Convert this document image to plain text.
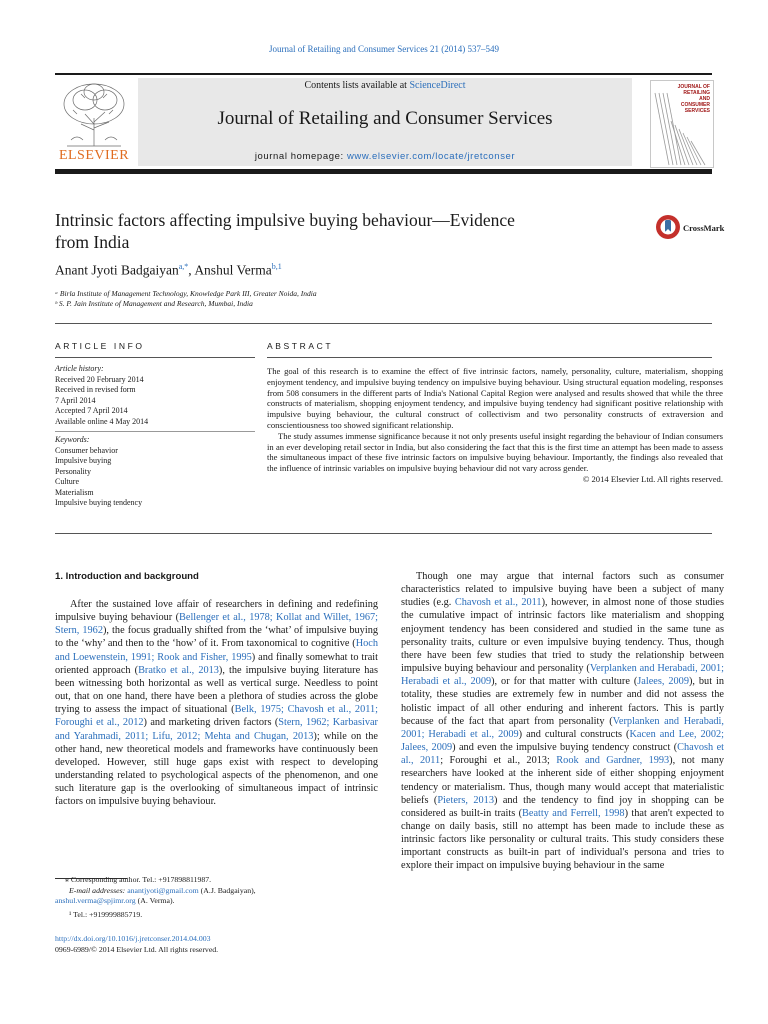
Journal of Retailing and Consumer Services 21 (2014) 537–549
ELSEVIER
Contents lists available at ScienceDirect
Journal of Retailing and Consumer Services
journal homepage: www.elsevier.com/locate/jretconser
JOURNAL OF
RETAILING
AND
CONSUMER
SERVICES
Intrinsic factors affecting impulsive buying behaviour—Evidence
from India
CrossMark
Anant Jyoti Badgaiyan$^{a,*}$, Anshul Verma$^{b,1}$
ᵃ Birla Institute of Management Technology, Knowledge Park III, Greater Noida, India
ᵇ S. P. Jain Institute of Management and Research, Mumbai, India
ARTICLE INFO	ABSTRACT
Article history:
Received 20 February 2014
Received in revised form
7 April 2014
Accepted 7 April 2014
Available online 4 May 2014
Keywords:
Consumer behavior
Impulsive buying
Personality
Culture
Materialism
Impulsive buying tendency

The goal of this research is to examine the effect of five intrinsic factors, namely, personality, culture, materialism, shopping enjoyment tendency, and impulsive buying tendency on impulsive buying behaviour. Using structural equation modeling, responses from 508 consumers in the different parts of India's National Capital Region were analysed and results showed that while the three constructs of materialism, shopping enjoyment tendency, and impulsive buying tendency had significant positive relationship with impulsive buying behaviour, the cultural construct of collectivism and two personality constructs of extraversion and conscientiousness too showed significant relationship.

The study assumes immense significance because it not only presents useful insight regarding the behaviour of Indian consumers in an ever developing retail sector in India, but also considering the fact that this is the first time an attempt has been made to assess the simultaneous impact of these five intrinsic factors on impulsive buying behaviour. Importantly, the findings also revealed that the influence of intrinsic variables on impulsive buying behaviour did not vary across gender.

© 2014 Elsevier Ltd. All rights reserved.

1. Introduction and background
After the sustained love affair of researchers in defining and redefining impulsive buying behaviour (Bellenger et al., 1978; Kollat and Willet, 1967; Stern, 1962), the focus gradually shifted from the ‘what’ of impulsive buying to the ‘why’ and then to the ‘how’ of it. From taxonomical to cognitive (Hoch and Loewenstein, 1991; Rook and Fisher, 1995) and finally somewhat to trait oriented approach (Bratko et al., 2013), the impulsive buying literature has been witnessing both horizontal as well as vertical surge. Needless to point out, that on one hand, there have been a plethora of studies across the globe trying to assess the impact of situational (Belk, 1975; Chavosh et al., 2011; Foroughi et al., 2012) and marketing driven factors (Stern, 1962; Karbasivar and Yarahmadi, 2011; Lifu, 2012; Mehta and Chugan, 2013); while on the other hand, new theoretical models and frameworks have continuously been developed. However, still huge gaps exist with respect to developing understanding related to psychological aspects of the phenomenon, and one such literature gap is the overlooking of simultaneous impact of intrinsic factors on impulsive buying behaviour.
Though one may argue that internal factors such as consumer characteristics related to impulsive buying have been a subject of many studies (e.g. Chavosh et al., 2011), however, in almost none of those studies the cumulative impact of intrinsic factors like materialism and shopping enjoyment tendency has been considered and studied in the same tune as personality traits, culture or even impulsive buying tendency. Thus, though there have been few studies that tried to study the relationship between impulsive buying behaviour and personality (Verplanken and Herabadi, 2001; Herabadi et al., 2009), or for that matter with culture (Jalees, 2009), but in totality, these studies are extremely few in number and did not assess the holistic impact of all other enduring and inherent factors. This is partly because of the fact that apart from personality (Verplanken and Herabadi, 2001; Herabadi et al., 2009) and cultural constructs (Kacen and Lee, 2002; Jalees, 2009) and even the impulsive buying tendency construct (Chavosh et al., 2011; Foroughi et al., 2013; Rook and Gardner, 1993), not many researchers have looked at the inherent side of either shopping enjoyment tendency or materialism. Thus, though many would accept that materialistic beliefs (Pieters, 2013) and the tendency to find joy in shopping can be considered as built-in traits (Beatty and Ferrell, 1998) that aren't expected to change on daily basis, still no attempt has been made to include these as intrinsic factors like personality or cultural traits. This study considers these important constructs as built-in part of individual's persona and tries to explore their impact on impulsive buying behaviour in the same
⁎ Corresponding author. Tel.: +917898811987.
E-mail addresses: anantjyoti@gmail.com (A.J. Badgaiyan),
anshul.verma@spjimr.org (A. Verma).
¹ Tel.: +919999885719.
http://dx.doi.org/10.1016/j.jretconser.2014.04.003
0969-6989/© 2014 Elsevier Ltd. All rights reserved.
